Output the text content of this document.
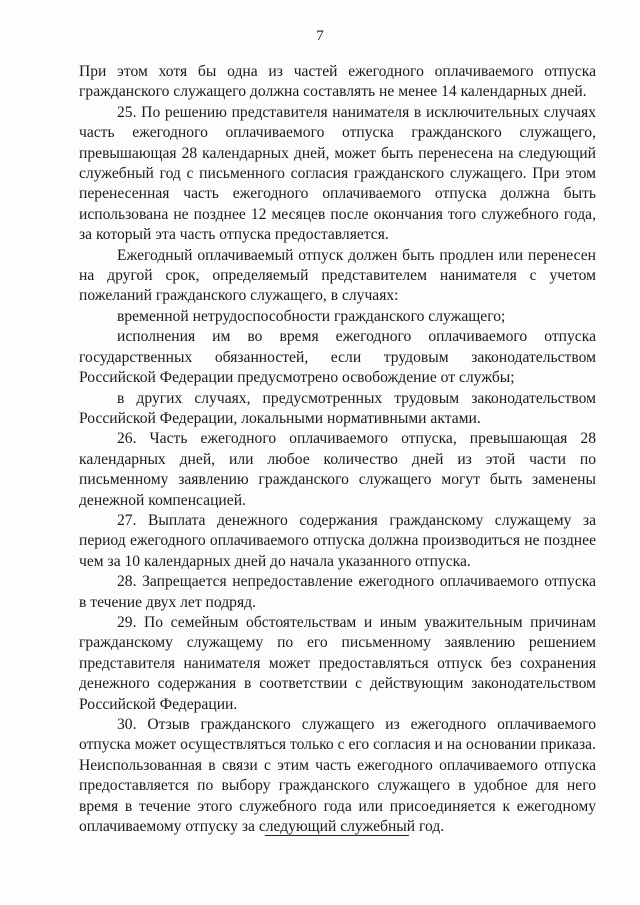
7

При этом хотя бы одна из частей ежегодного оплачиваемого отпуска гражданского служащего должна составлять не менее 14 календарных дней.

25. По решению представителя нанимателя в исключительных случаях часть ежегодного оплачиваемого отпуска гражданского служащего, превышающая 28 календарных дней, может быть перенесена на следующий служебный год с письменного согласия гражданского служащего. При этом перенесенная часть ежегодного оплачиваемого отпуска должна быть использована не позднее 12 месяцев после окончания того служебного года, за который эта часть отпуска предоставляется.

Ежегодный оплачиваемый отпуск должен быть продлен или перенесен на другой срок, определяемый представителем нанимателя с учетом пожеланий гражданского служащего, в случаях:

временной нетрудоспособности гражданского служащего;

исполнения им во время ежегодного оплачиваемого отпуска государственных обязанностей, если трудовым законодательством Российской Федерации предусмотрено освобождение от службы;

в других случаях, предусмотренных трудовым законодательством Российской Федерации, локальными нормативными актами.

26. Часть ежегодного оплачиваемого отпуска, превышающая 28 календарных дней, или любое количество дней из этой части по письменному заявлению гражданского служащего могут быть заменены денежной компенсацией.

27. Выплата денежного содержания гражданскому служащему за период ежегодного оплачиваемого отпуска должна производиться не позднее чем за 10 календарных дней до начала указанного отпуска.

28. Запрещается непредоставление ежегодного оплачиваемого отпуска в течение двух лет подряд.

29. По семейным обстоятельствам и иным уважительным причинам гражданскому служащему по его письменному заявлению решением представителя нанимателя может предоставляться отпуск без сохранения денежного содержания в соответствии с действующим законодательством Российской Федерации.

30. Отзыв гражданского служащего из ежегодного оплачиваемого отпуска может осуществляться только с его согласия и на основании приказа. Неиспользованная в связи с этим часть ежегодного оплачиваемого отпуска предоставляется по выбору гражданского служащего в удобное для него время в течение этого служебного года или присоединяется к ежегодному оплачиваемому отпуску за следующий служебный год.
